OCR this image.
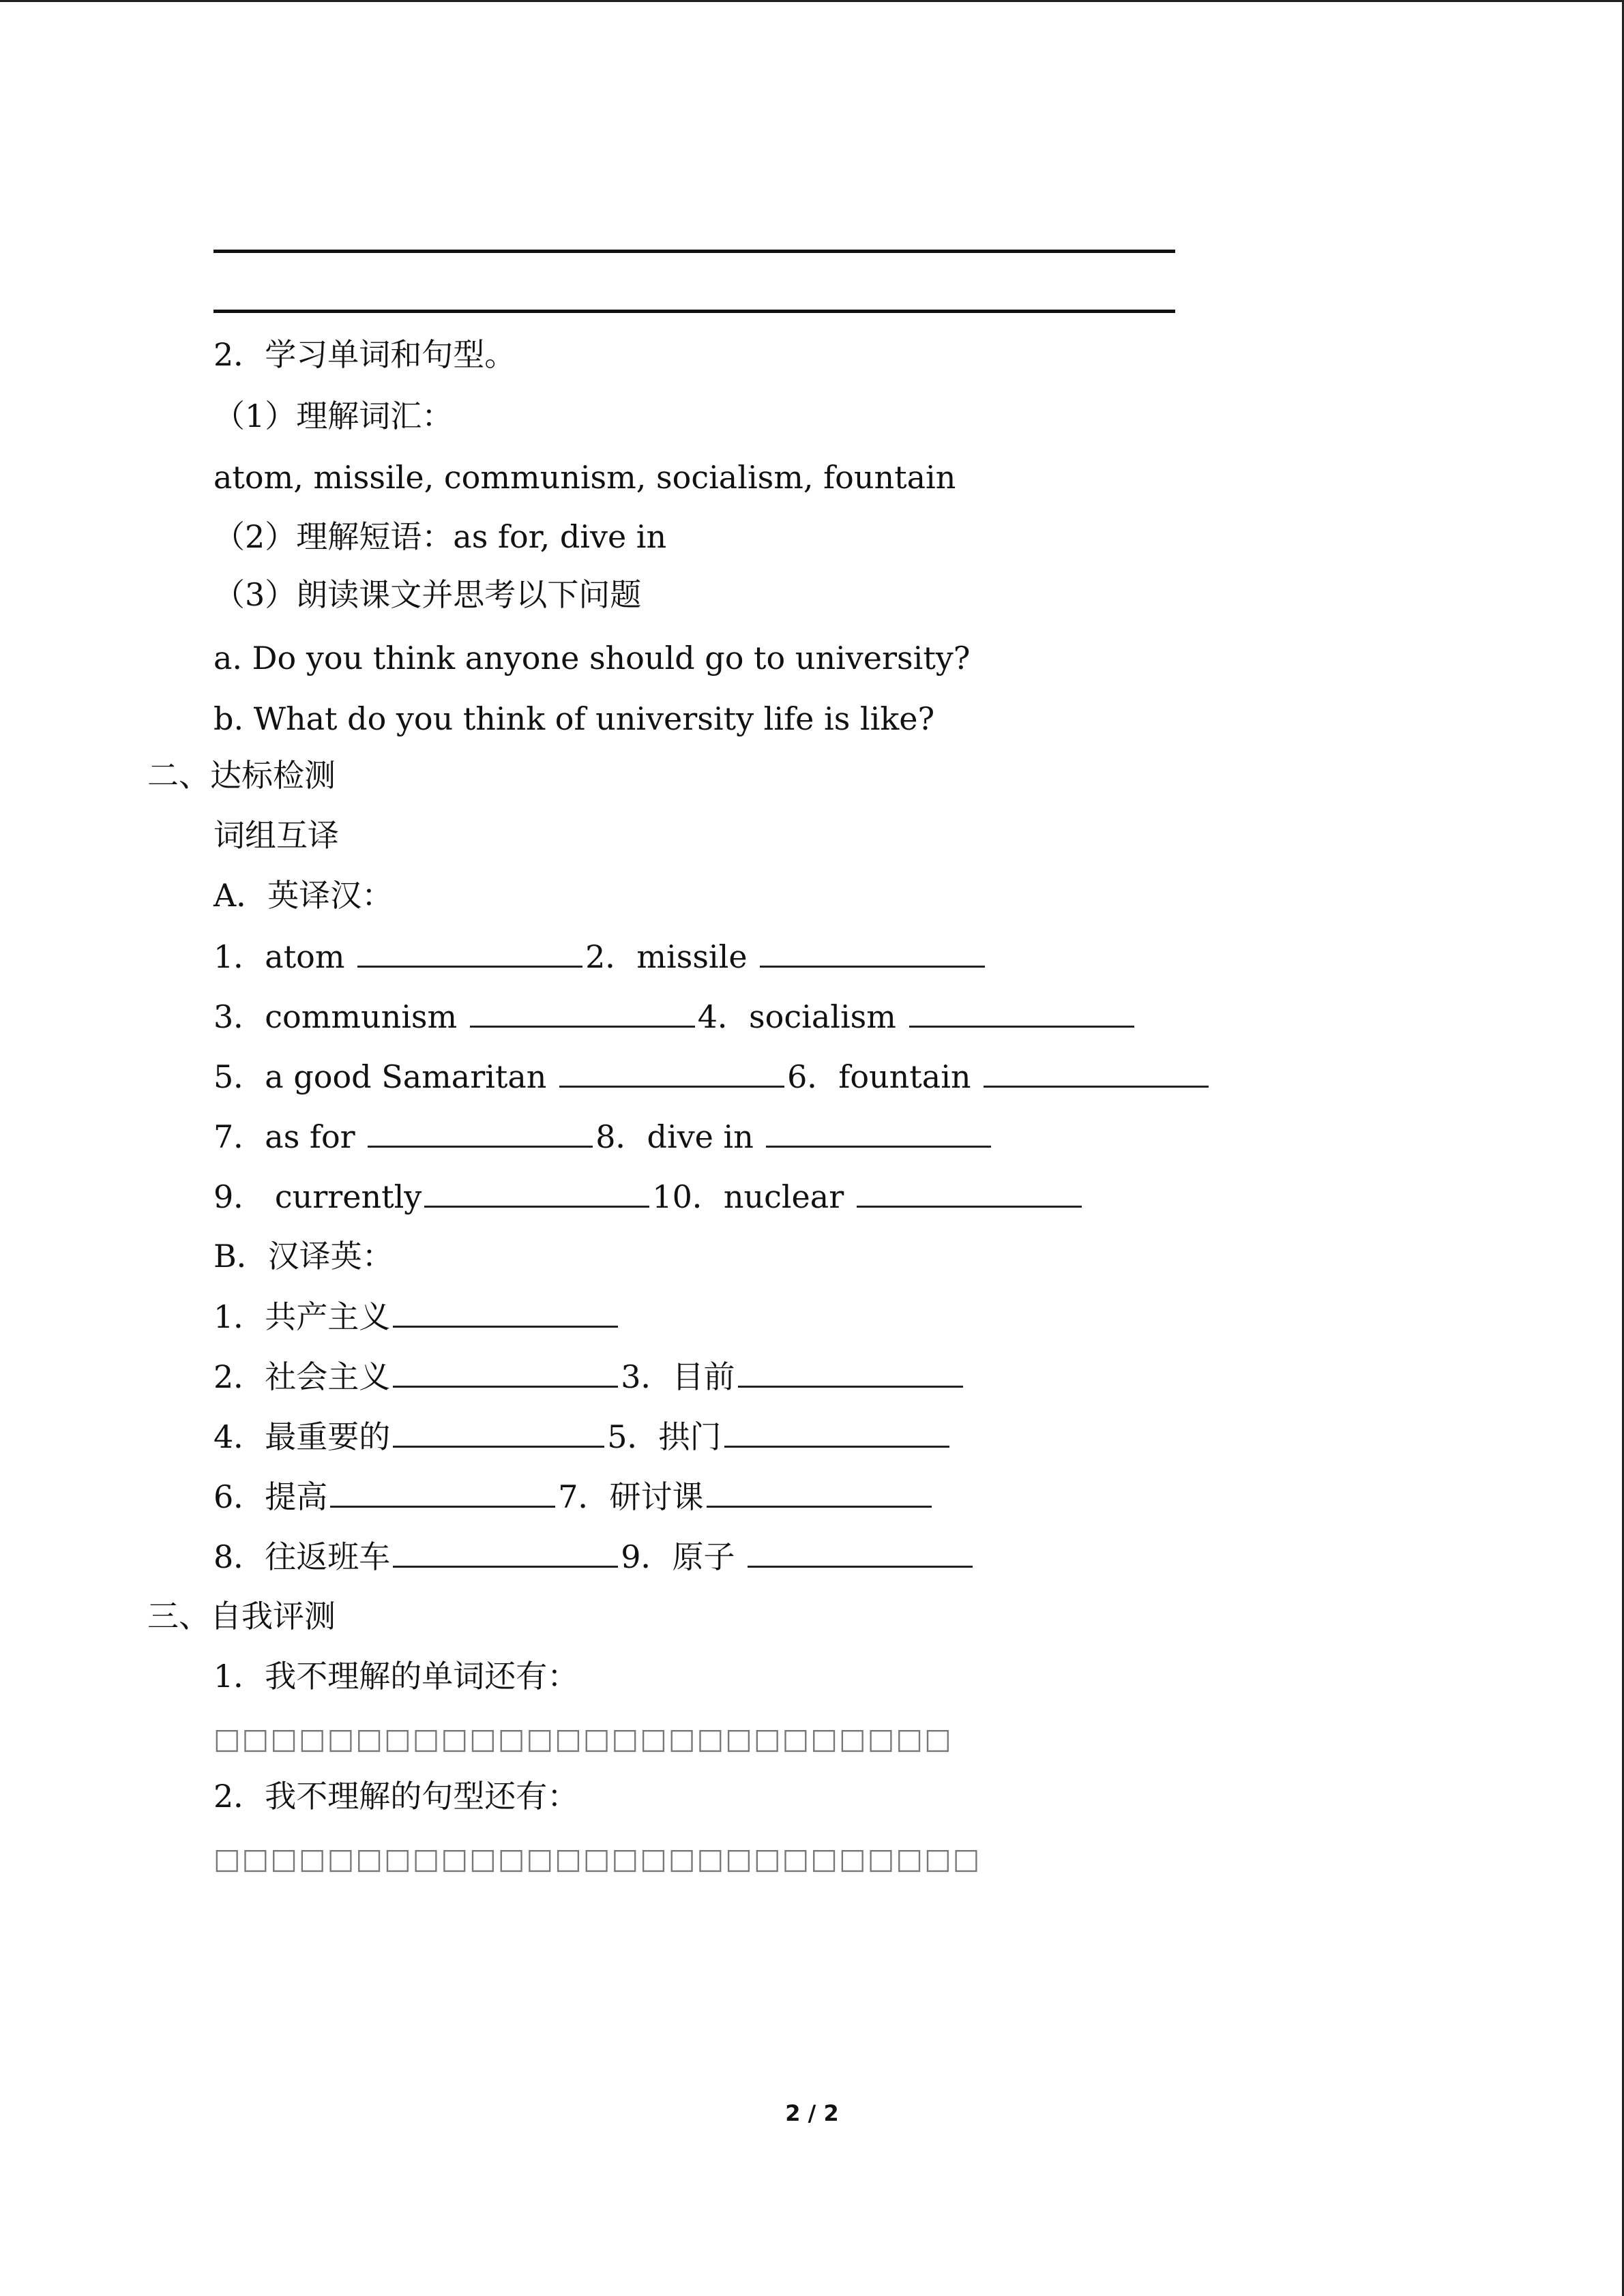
2．学习单词和句型。
（1）理解词汇：
atom, missile, communism, socialism, fountain
（2）理解短语：as for, dive in
（3）朗读课文并思考以下问题
a. Do you think anyone should go to university?
b. What do you think of university life is like?
二、达标检测
词组互译
A．英译汉：
1．atom	2．missile
3．communism	4．socialism
5．a good Samaritan	6．fountain
7．as for	8．dive in
9． currently	10．nuclear
B．汉译英：
1．共产主义
2．社会主义	3．目前
4．最重要的	5．拱门
6．提高	7．研讨课
8．往返班车	9．原子
三、自我评测
1．我不理解的单词还有：
□□□□□□□□□□□□□□□□□□□□□□□□□□
2．我不理解的句型还有：
□□□□□□□□□□□□□□□□□□□□□□□□□□□
2 / 2
